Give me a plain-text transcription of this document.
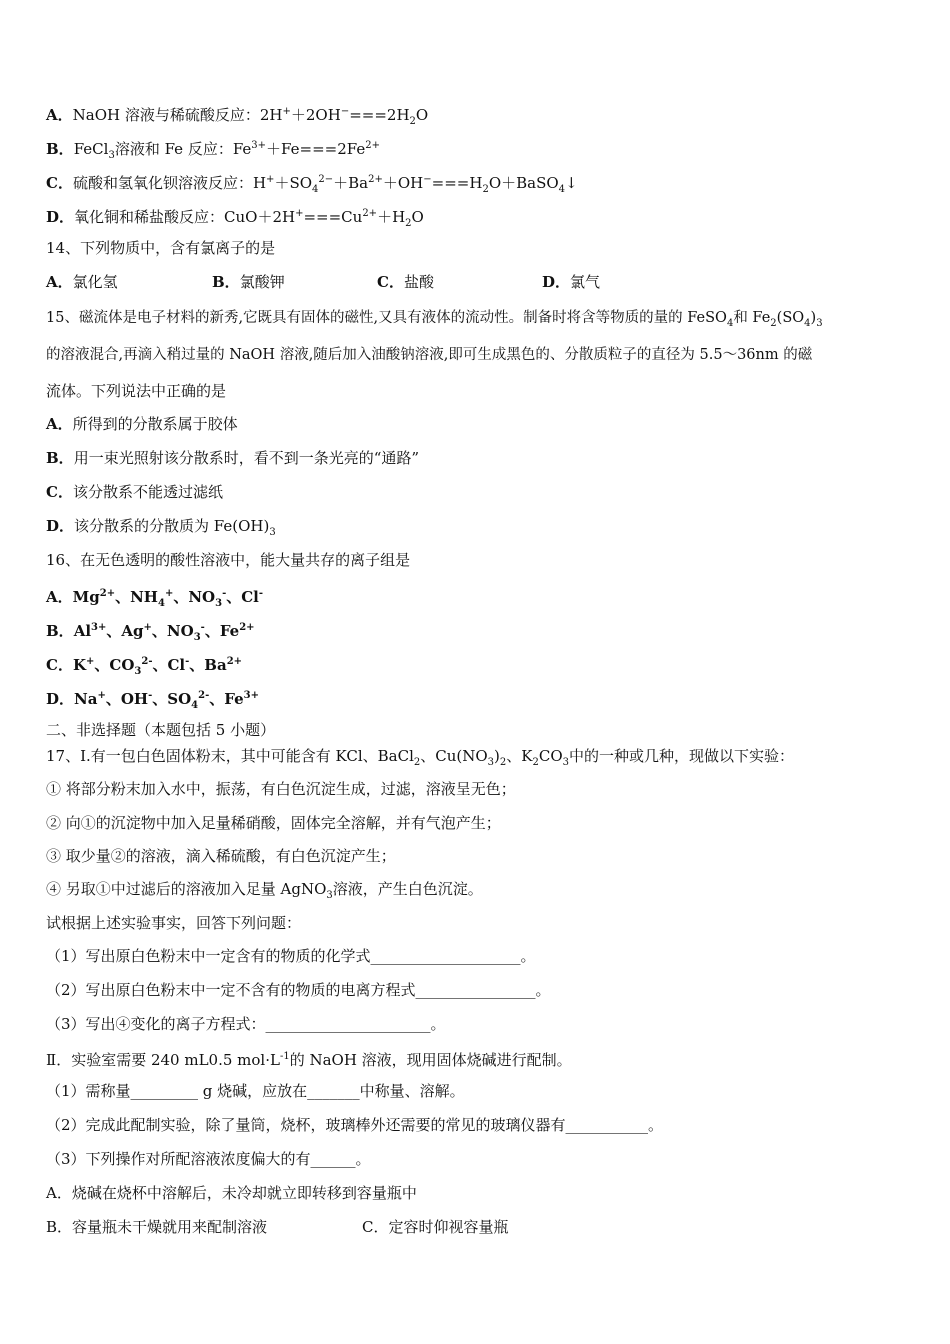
A．NaOH 溶液与稀硫酸反应：$2H^++2OH^-===2H_2O$
B．FeCl$_3$溶液和 Fe 反应：$Fe^{3+}+Fe===2Fe^{2+}$
C．硫酸和氢氧化钡溶液反应：$H^++SO_4^{2-}+Ba^{2+}+OH^-===H_2O+BaSO_4↓$
D．氧化铜和稀盐酸反应：$CuO+2H^+===Cu^{2+}+H_2O$
14、下列物质中，含有氯离子的是
A．氯化氢	B．氯酸钾	C．盐酸	D．氯气
15、磁流体是电子材料的新秀,它既具有固体的磁性,又具有液体的流动性。制备时将含等物质的量的 FeSO$_4$和 $Fe_2(SO_4)_3$
的溶液混合,再滴入稍过量的 NaOH 溶液,随后加入油酸钠溶液,即可生成黑色的、分散质粒子的直径为 5.5～36nm 的磁
流体。下列说法中正确的是
A．所得到的分散系属于胶体
B．用一束光照射该分散系时，看不到一条光亮的“通路”
C．该分散系不能透过滤纸
D．该分散系的分散质为 $Fe(OH)_3$
16、在无色透明的酸性溶液中，能大量共存的离子组是
A．$Mg^{2+}$、$NH_4^+$、$NO_3^-$、Cl-
B．$Al^{3+}$、Ag+、$NO_3^-$、$Fe^{2+}$
C．K+、$CO_3^{2-}$、Cl-、$Ba^{2+}$
D．Na+、OH-、$SO_4^{2-}$、$Fe^{3+}$
二、非选择题（本题包括 5 小题）
17、Ⅰ.有一包白色固体粉末，其中可能含有 KCl、BaCl$_2$、$Cu(NO_3)_2$、$K_2CO_3$中的一种或几种，现做以下实验：
① 将部分粉末加入水中，振荡，有白色沉淀生成，过滤，溶液呈无色；
② 向①的沉淀物中加入足量稀硝酸，固体完全溶解，并有气泡产生；
③ 取少量②的溶液，滴入稀硫酸，有白色沉淀产生；
④ 另取①中过滤后的溶液加入足量 AgNO$_3$溶液，产生白色沉淀。
试根据上述实验事实，回答下列问题：
（1）写出原白色粉末中一定含有的物质的化学式____________________。
（2）写出原白色粉末中一定不含有的物质的电离方程式________________。
（3）写出④变化的离子方程式：______________________。
Ⅱ．实验室需要 240 mL0.5 $mol\cdot L^{-1}$的 NaOH 溶液，现用固体烧碱进行配制。
（1）需称量_________ g 烧碱，应放在_______中称量、溶解。
（2）完成此配制实验，除了量筒，烧杯，玻璃棒外还需要的常见的玻璃仪器有___________。
（3）下列操作对所配溶液浓度偏大的有______。
A．烧碱在烧杯中溶解后，未冷却就立即转移到容量瓶中
B．容量瓶未干燥就用来配制溶液	C．定容时仰视容量瓶
